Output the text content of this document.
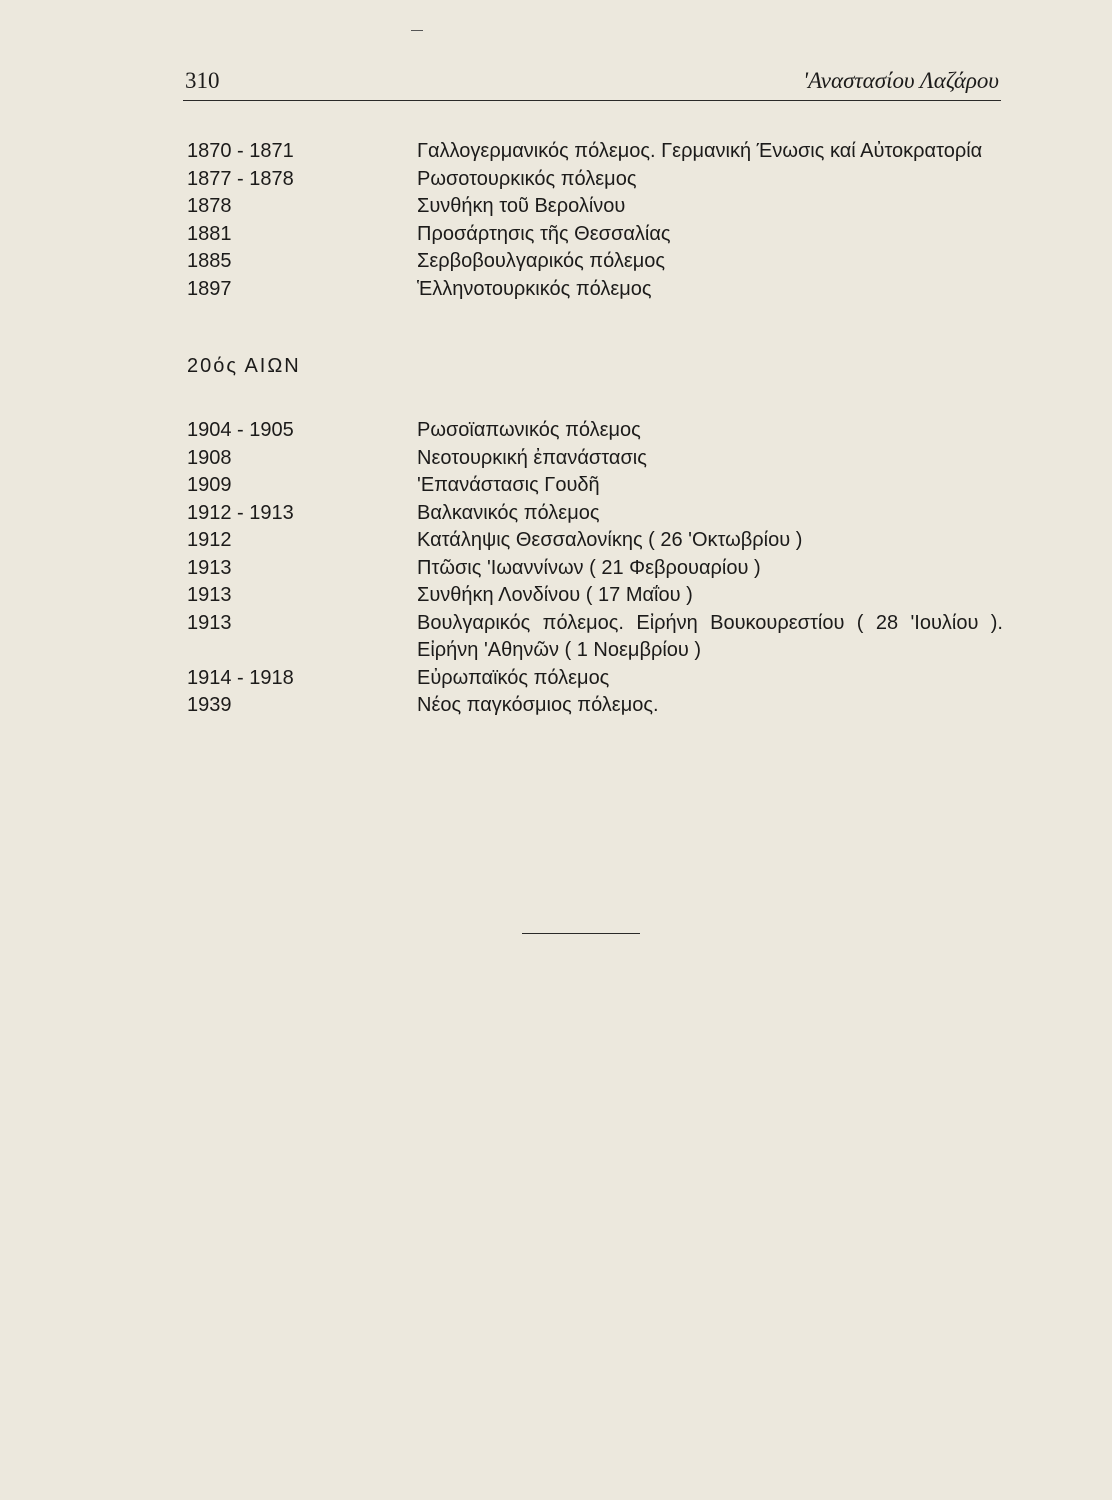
310	'Αναστασίου Λαζάρου
1870 - 1871	Γαλλογερμανικός πόλεμος. Γερμανική Ένωσις καί Αὐτοκρατορία
1877 - 1878	Ρωσοτουρκικός πόλεμος
1878	Συνθήκη τοῦ Βερολίνου
1881	Προσάρτησις τῆς Θεσσαλίας
1885	Σερβοβουλγαρικός πόλεμος
1897	Ἑλληνοτουρκικός πόλεμος
20ός ΑΙΩΝ
1904 - 1905	Ρωσοϊαπωνικός πόλεμος
1908	Νεοτουρκική ἐπανάστασις
1909	'Επανάστασις Γουδῆ
1912 - 1913	Βαλκανικός πόλεμος
1912	Κατάληψις Θεσσαλονίκης ( 26 'Οκτωβρίου )
1913	Πτῶσις 'Ιωαννίνων ( 21 Φεβρουαρίου )
1913	Συνθήκη Λονδίνου ( 17 Μαΐου )
1913	Βουλγαρικός πόλεμος. Εἰρήνη Βουκουρεστίου ( 28 'Ιουλίου ). Εἰρήνη 'Αθηνῶν ( 1 Νοεμβρίου )
1914 - 1918	Εὐρωπαϊκός πόλεμος
1939	Νέος παγκόσμιος πόλεμος.
